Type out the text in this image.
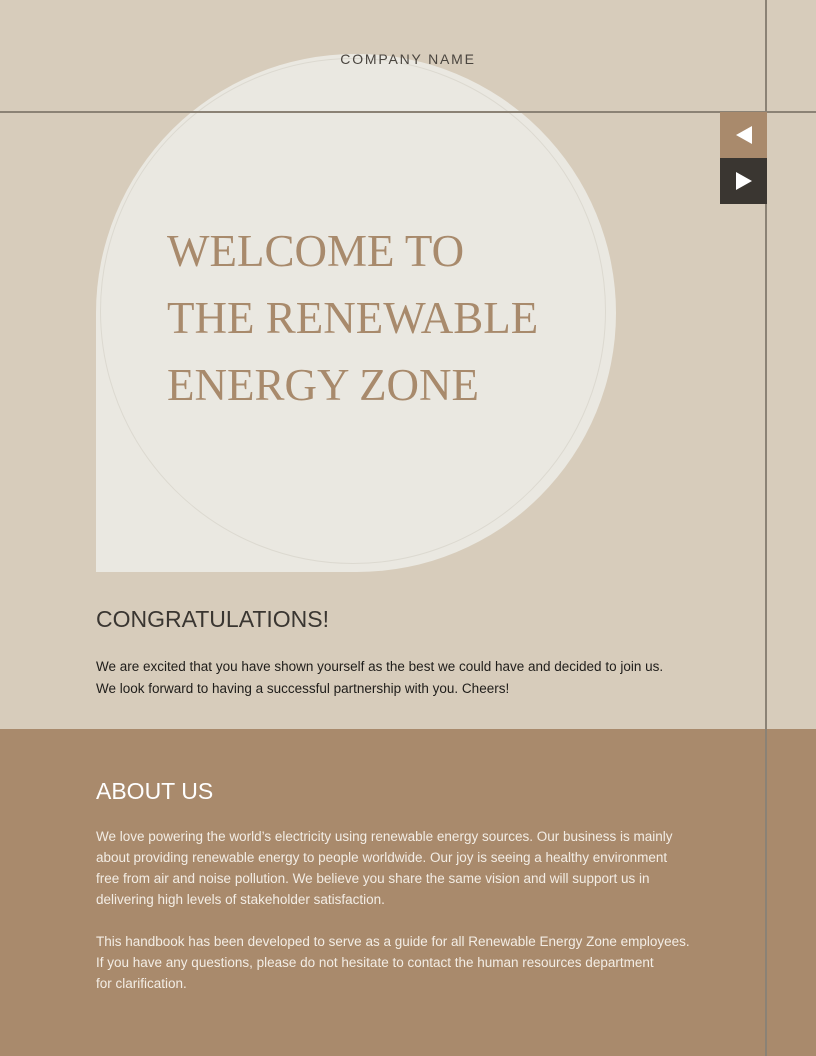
COMPANY NAME
WELCOME TO
THE RENEWABLE
ENERGY ZONE
CONGRATULATIONS!
We are excited that you have shown yourself as the best we could have and decided to join us.
We look forward to having a successful partnership with you. Cheers!
ABOUT US

We love powering the world’s electricity using renewable energy sources. Our business is mainly
about providing renewable energy to people worldwide. Our joy is seeing a healthy environment
free from air and noise pollution. We believe you share the same vision and will support us in
delivering high levels of stakeholder satisfaction.

This handbook has been developed to serve as a guide for all Renewable Energy Zone employees.
If you have any questions, please do not hesitate to contact the human resources department
for clarification.
